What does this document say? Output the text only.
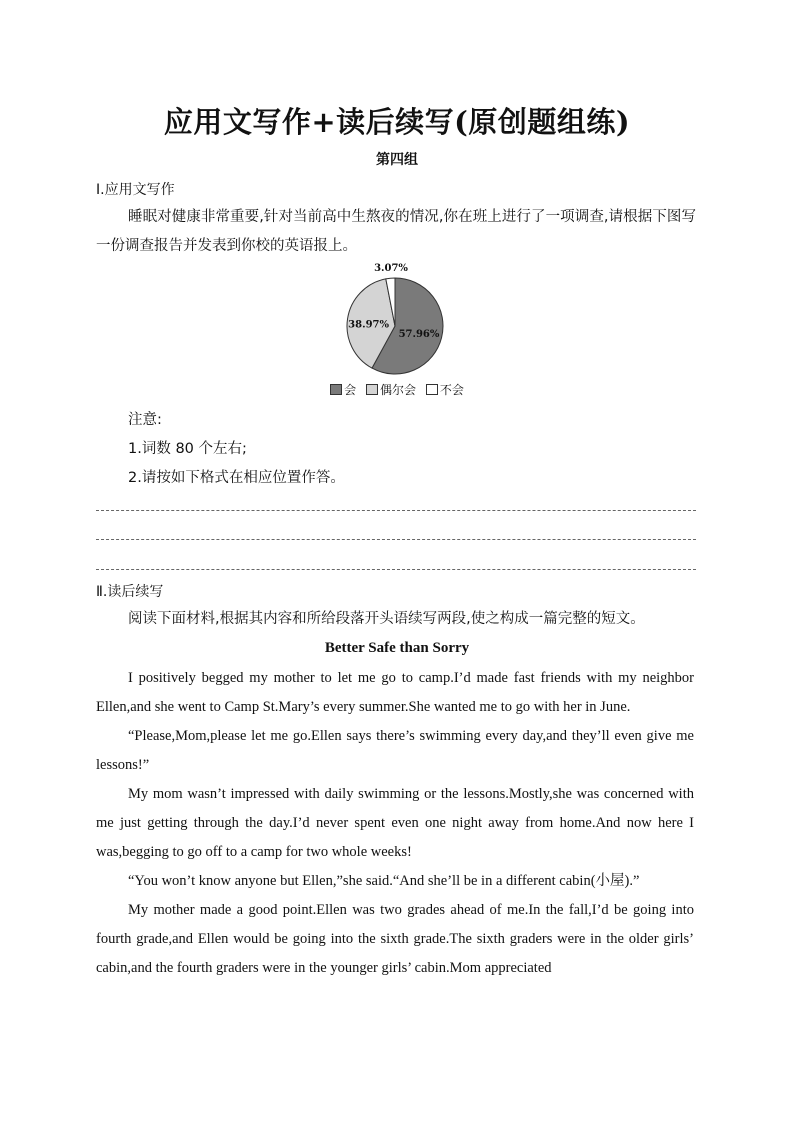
应用文写作+读后续写(原创题组练)
第四组
Ⅰ.应用文写作
睡眠对健康非常重要,针对当前高中生熬夜的情况,你在班上进行了一项调查,请根据下图写一份调查报告并发表到你校的英语报上。
57.96%
38.97%
3.07%
会 偶尔会 不会
注意:
1.词数 80 个左右;
2.请按如下格式在相应位置作答。
Ⅱ.读后续写
阅读下面材料,根据其内容和所给段落开头语续写两段,使之构成一篇完整的短文。
Better Safe than Sorry

I positively begged my mother to let me go to camp.I’d made fast friends with my neighbor Ellen,and she went to Camp St.Mary’s every summer.She wanted me to go with her in June.

“Please,Mom,please let me go.Ellen says there’s swimming every day,and they’ll even give me lessons!”

My mom wasn’t impressed with daily swimming or the lessons.Mostly,she was concerned with me just getting through the day.I’d never spent even one night away from home.And now here I was,begging to go off to a camp for two whole weeks!

“You won’t know anyone but Ellen,”she said.“And she’ll be in a different cabin(小屋).”

My mother made a good point.Ellen was two grades ahead of me.In the fall,I’d be going into fourth grade,and Ellen would be going into the sixth grade.The sixth graders were in the older girls’ cabin,and the fourth graders were in the younger girls’ cabin.Mom appreciated
